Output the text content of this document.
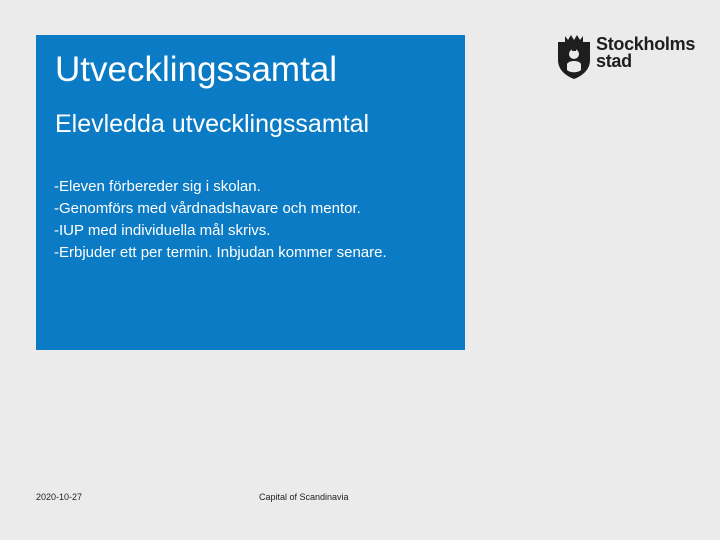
Utvecklingssamtal
Elevledda utvecklingssamtal
-Eleven förbereder sig i skolan.
-Genomförs med vårdnadshavare och mentor.
-IUP med individuella mål skrivs.
-Erbjuder ett per termin. Inbjudan kommer senare.
Stockholms
stad
2020-10-27	Capital of Scandinavia
